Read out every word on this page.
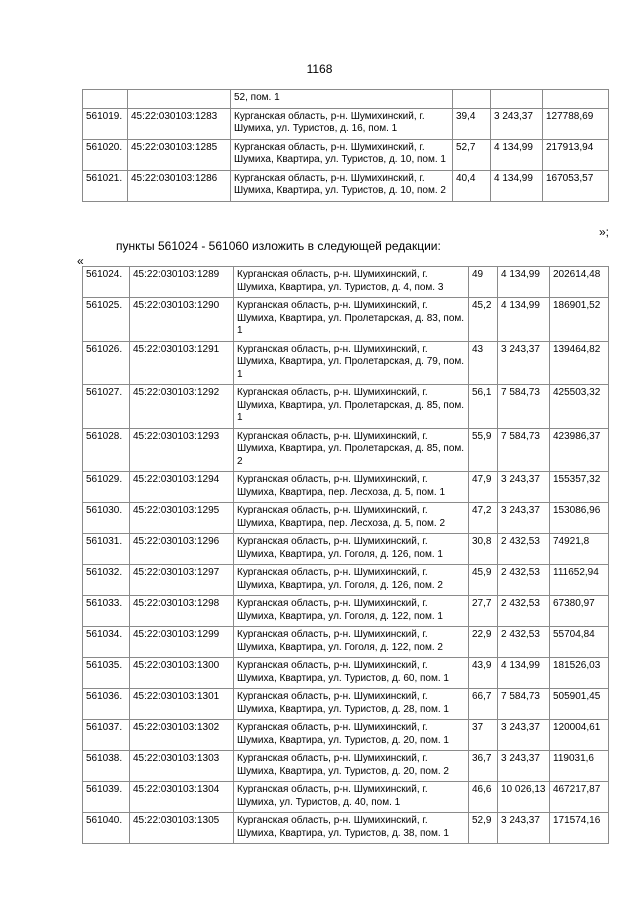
1168
		52, пом. 1			
561019.	45:22:030103:1283	Курганская область, р-н. Шумихинский, г. Шумиха, ул. Туристов, д. 16, пом. 1	39,4	3 243,37	127788,69
561020.	45:22:030103:1285	Курганская область, р-н. Шумихинский, г. Шумиха, Квартира, ул. Туристов, д. 10, пом. 1	52,7	4 134,99	217913,94
561021.	45:22:030103:1286	Курганская область, р-н. Шумихинский, г. Шумиха, Квартира, ул. Туристов, д. 10, пом. 2	40,4	4 134,99	167053,57
»;
пункты 561024 - 561060 изложить в следующей редакции:
«
561024.	45:22:030103:1289	Курганская область, р-н. Шумихинский, г. Шумиха, Квартира, ул. Туристов, д. 4, пом. 3	49	4 134,99	202614,48
561025.	45:22:030103:1290	Курганская область, р-н. Шумихинский, г. Шумиха, Квартира, ул. Пролетарская, д. 83, пом. 1	45,2	4 134,99	186901,52
561026.	45:22:030103:1291	Курганская область, р-н. Шумихинский, г. Шумиха, Квартира, ул. Пролетарская, д. 79, пом. 1	43	3 243,37	139464,82
561027.	45:22:030103:1292	Курганская область, р-н. Шумихинский, г. Шумиха, Квартира, ул. Пролетарская, д. 85, пом. 1	56,1	7 584,73	425503,32
561028.	45:22:030103:1293	Курганская область, р-н. Шумихинский, г. Шумиха, Квартира, ул. Пролетарская, д. 85, пом. 2	55,9	7 584,73	423986,37
561029.	45:22:030103:1294	Курганская область, р-н. Шумихинский, г. Шумиха, Квартира, пер. Лесхоза, д. 5, пом. 1	47,9	3 243,37	155357,32
561030.	45:22:030103:1295	Курганская область, р-н. Шумихинский, г. Шумиха, Квартира, пер. Лесхоза, д. 5, пом. 2	47,2	3 243,37	153086,96
561031.	45:22:030103:1296	Курганская область, р-н. Шумихинский, г. Шумиха, Квартира, ул. Гоголя, д. 126, пом. 1	30,8	2 432,53	74921,8
561032.	45:22:030103:1297	Курганская область, р-н. Шумихинский, г. Шумиха, Квартира, ул. Гоголя, д. 126, пом. 2	45,9	2 432,53	111652,94
561033.	45:22:030103:1298	Курганская область, р-н. Шумихинский, г. Шумиха, Квартира, ул. Гоголя, д. 122, пом. 1	27,7	2 432,53	67380,97
561034.	45:22:030103:1299	Курганская область, р-н. Шумихинский, г. Шумиха, Квартира, ул. Гоголя, д. 122, пом. 2	22,9	2 432,53	55704,84
561035.	45:22:030103:1300	Курганская область, р-н. Шумихинский, г. Шумиха, Квартира, ул. Туристов, д. 60, пом. 1	43,9	4 134,99	181526,03
561036.	45:22:030103:1301	Курганская область, р-н. Шумихинский, г. Шумиха, Квартира, ул. Туристов, д. 28, пом. 1	66,7	7 584,73	505901,45
561037.	45:22:030103:1302	Курганская область, р-н. Шумихинский, г. Шумиха, Квартира, ул. Туристов, д. 20, пом. 1	37	3 243,37	120004,61
561038.	45:22:030103:1303	Курганская область, р-н. Шумихинский, г. Шумиха, Квартира, ул. Туристов, д. 20, пом. 2	36,7	3 243,37	119031,6
561039.	45:22:030103:1304	Курганская область, р-н. Шумихинский, г. Шумиха, ул. Туристов, д. 40, пом. 1	46,6	10 026,13	467217,87
561040.	45:22:030103:1305	Курганская область, р-н. Шумихинский, г. Шумиха, Квартира, ул. Туристов, д. 38, пом. 1	52,9	3 243,37	171574,16
